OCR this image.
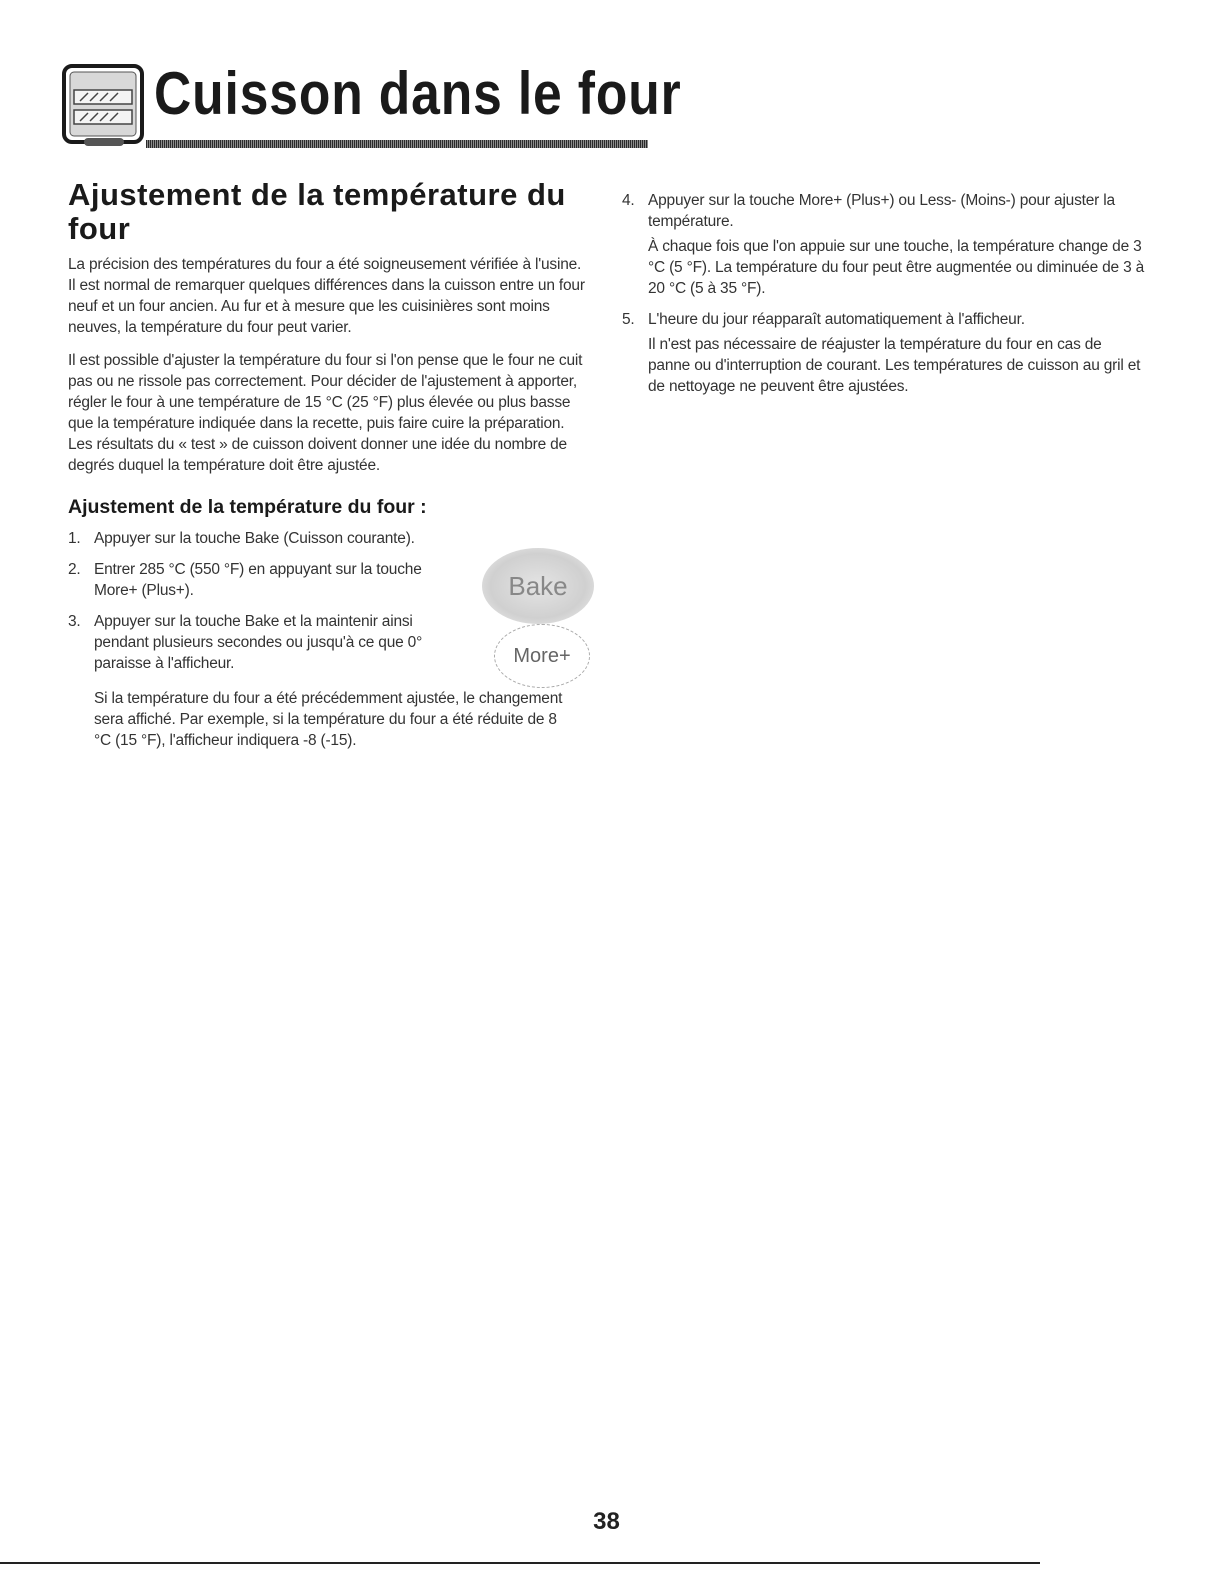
Cuisson dans le four
Ajustement de la température du four

La précision des températures du four a été soigneusement vérifiée à l'usine. Il est normal de remarquer quelques différences dans la cuisson entre un four neuf et un four ancien. Au fur et à mesure que les cuisinières sont moins neuves, la température du four peut varier.

Il est possible d'ajuster la température du four si l'on pense que le four ne cuit pas ou ne rissole pas correctement. Pour décider de l'ajustement à apporter, régler le four à une température de 15 °C (25 °F) plus élevée ou plus basse que la température indiquée dans la recette, puis faire cuire la préparation. Les résultats du « test » de cuisson doivent donner une idée du nombre de degrés duquel la température doit être ajustée.

Ajustement de la température du four :
1. Appuyer sur la touche Bake (Cuisson courante).
2. Entrer 285 °C (550 °F) en appuyant sur la touche More+ (Plus+).
3. Appuyer sur la touche Bake et la maintenir ainsi pendant plusieurs secondes ou jusqu'à ce que 0° paraisse à l'afficheur.

Si la température du four a été précédemment ajustée, le changement sera affiché. Par exemple, si la température du four a été réduite de 8 °C (15 °F), l'afficheur indiquera -8 (-15).

Bake
More+
4. Appuyer sur la touche More+ (Plus+) ou Less- (Moins-) pour ajuster la température.

À chaque fois que l'on appuie sur une touche, la température change de 3 °C (5 °F). La température du four peut être augmentée ou diminuée de 3 à 20 °C (5 à 35 °F).

5. L'heure du jour réapparaît automatiquement à l'afficheur.

Il n'est pas nécessaire de réajuster la température du four en cas de panne ou d'interruption de courant. Les températures de cuisson au gril et de nettoyage ne peuvent être ajustées.

38
